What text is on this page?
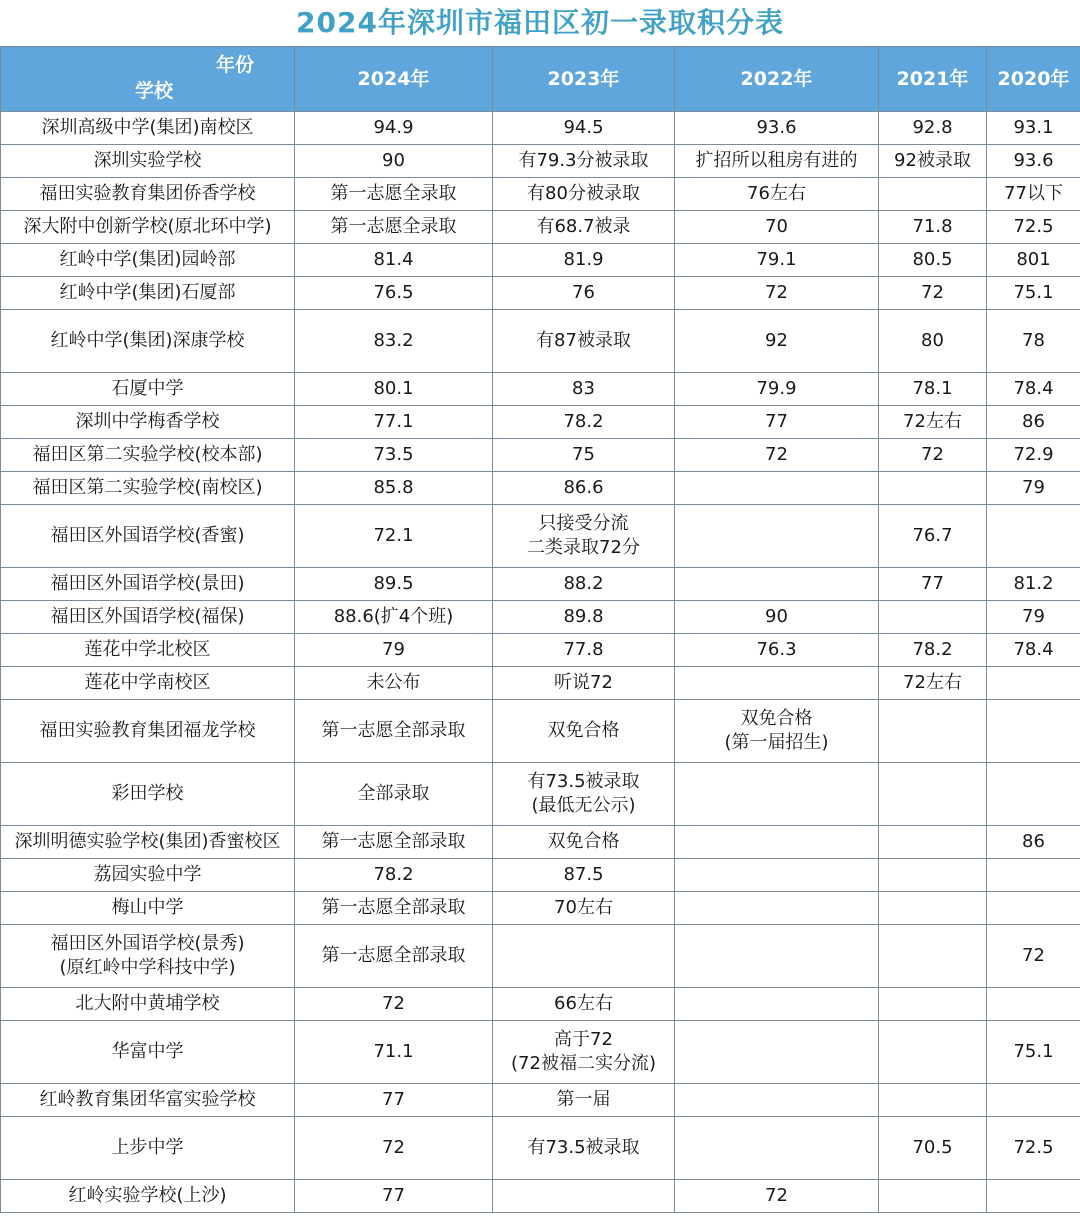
2024年深圳市福田区初一录取积分表
年份
学校	2024年	2023年	2022年	2021年	2020年

深圳高级中学(集团)南校区	94.9	94.5	93.6	92.8	93.1

深圳实验学校	90	有79.3分被录取	扩招所以租房有进的	92被录取	93.6

福田实验教育集团侨香学校	第一志愿全录取	有80分被录取	76左右		77以下

深大附中创新学校(原北环中学)	第一志愿全录取	有68.7被录	70	71.8	72.5

红岭中学(集团)园岭部	81.4	81.9	79.1	80.5	801

红岭中学(集团)石厦部	76.5	76	72	72	75.1

红岭中学(集团)深康学校	83.2	有87被录取	92	80	78

石厦中学	80.1	83	79.9	78.1	78.4

深圳中学梅香学校	77.1	78.2	77	72左右	86

福田区第二实验学校(校本部)	73.5	75	72	72	72.9

福田区第二实验学校(南校区)	85.8	86.6			79

福田区外国语学校(香蜜)	72.1	只接受分流
二类录取72分		76.7	

福田区外国语学校(景田)	89.5	88.2		77	81.2

福田区外国语学校(福保)	88.6(扩4个班)	89.8	90		79

莲花中学北校区	79	77.8	76.3	78.2	78.4

莲花中学南校区	未公布	听说72		72左右	

福田实验教育集团福龙学校	第一志愿全部录取	双免合格	双免合格
(第一届招生)		

彩田学校	全部录取	有73.5被录取
(最低无公示)			

深圳明德实验学校(集团)香蜜校区	第一志愿全部录取	双免合格			86

荔园实验中学	78.2	87.5			

梅山中学	第一志愿全部录取	70左右			

福田区外国语学校(景秀)
(原红岭中学科技中学)	第一志愿全部录取				72

北大附中黄埔学校	72	66左右			

华富中学	71.1	高于72
(72被福二实分流)			75.1

红岭教育集团华富实验学校	77	第一届			

上步中学	72	有73.5被录取		70.5	72.5

红岭实验学校(上沙)	77		72		
